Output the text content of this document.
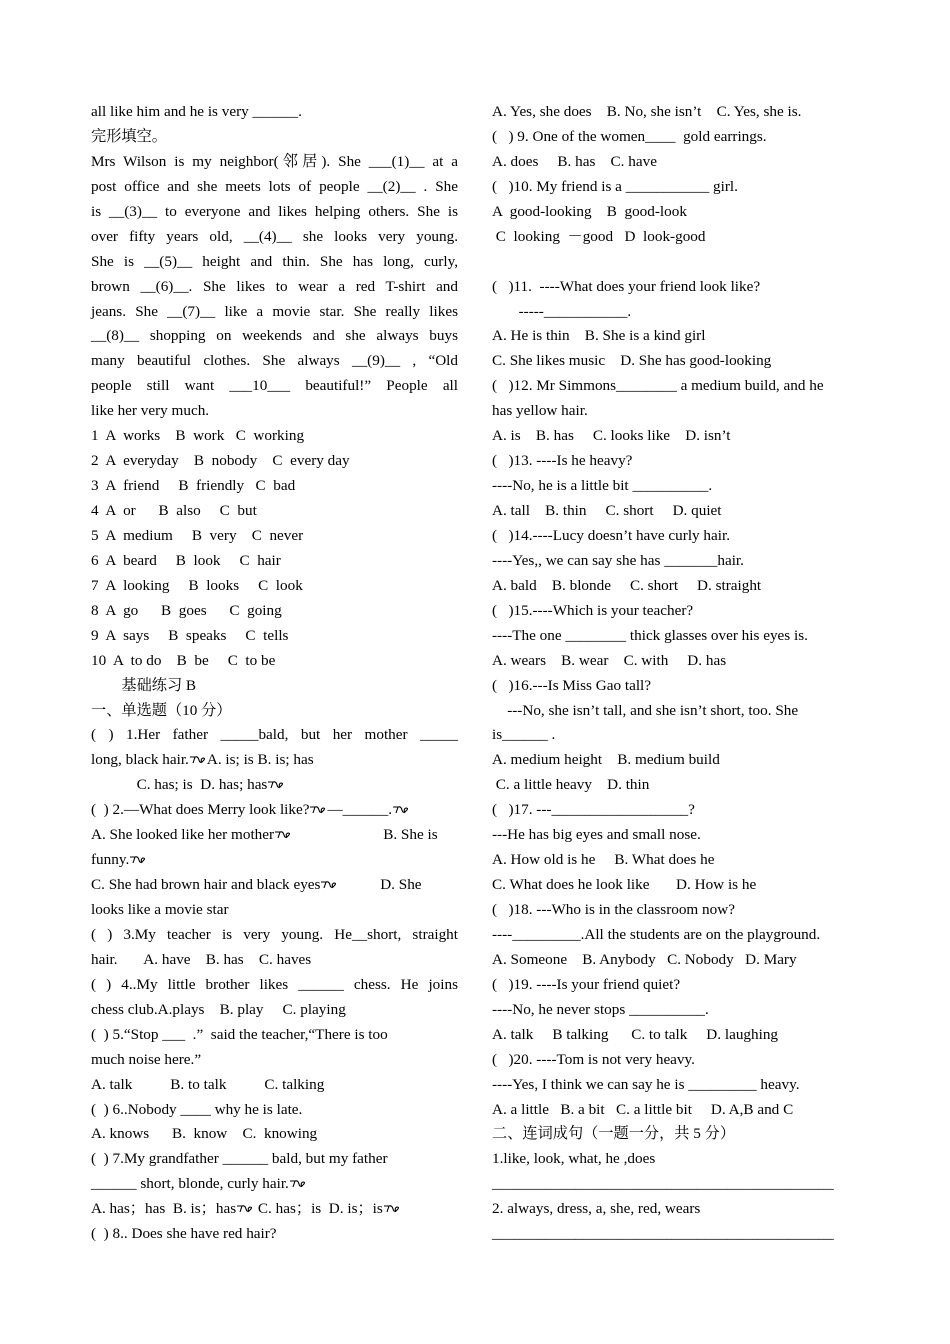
all like him and he is very ______.
完形填空。
Mrs Wilson is my neighbor(邻居). She ___(1)__ at a
post office and she meets lots of people __(2)__ . She
is __(3)__ to everyone and likes helping others. She is
over fifty years old, __(4)__ she looks very young.
She is __(5)__ height and thin. She has long, curly,
brown __(6)__. She likes to wear a red T-shirt and
jeans. She __(7)__ like a movie star. She really likes
__(8)__ shopping on weekends and she always buys
many beautiful clothes. She always __(9)__ , “Old
people still want ___10___ beautiful!” People all
like her very much.
1  A  works    B  work   C  working
2  A  everyday    B  nobody    C  every day
3  A  friend     B  friendly   C  bad
4  A  or      B  also     C  but
5  A  medium     B  very    C  never
6  A  beard     B  look     C  hair
7  A  looking     B  looks     C  look
8  A  go      B  goes      C  going
9  A  says     B  speaks     C  tells
10  A  to do    B  be     C  to be
基础练习 B
一、单选题（10 分）
( ) 1.Her father _____bald, but her mother _____
long, black hair. A. is; is B. is; has
C. has; is  D. has; has
(  ) 2.—What does Merry look like? —______.
A. She looked like her mother
B. She is
funny.
C. She had brown hair and black eyes
D. She
looks like a movie star
( ) 3.My teacher is very young. He__short, straight
hair.       A. have    B. has    C. haves
( ) 4..My little brother likes ______ chess. He joins
chess club.A.plays    B. play     C. playing
(  ) 5.“Stop ___  .”  said the teacher,“There is too
much noise here.”
A. talk          B. to talk          C. talking
(  ) 6..Nobody ____ why he is late.
A. knows      B.  know    C.  knowing
(  ) 7.My grandfather ______ bald, but my father
______ short, blonde, curly hair.
A. has；has  B. is；has
C. has；is  D. is；is
(  ) 8.. Does she have red hair?
A. Yes, she does    B. No, she isn’t    C. Yes, she is.
(   ) 9. One of the women____  gold earrings.
A. does     B. has    C. have
(   )10. My friend is a ___________ girl.
A  good-looking    B  good-look
C  looking  －good   D  look-good
(   )11.  ----What does your friend look like?
-----___________.
A. He is thin    B. She is a kind girl
C. She likes music    D. She has good-looking
(   )12. Mr Simmons________ a medium build, and he
has yellow hair.
A. is    B. has     C. looks like    D. isn’t
(   )13. ----Is he heavy?
----No, he is a little bit __________.
A. tall    B. thin     C. short     D. quiet
(   )14.----Lucy doesn’t have curly hair.
----Yes,, we can say she has _______hair.
A. bald    B. blonde     C. short     D. straight
(   )15.----Which is your teacher?
----The one ________ thick glasses over his eyes is.
A. wears    B. wear    C. with     D. has
(   )16.---Is Miss Gao tall?
---No, she isn’t tall, and she isn’t short, too. She
is______ .
A. medium height    B. medium build
C. a little heavy    D. thin
(   )17. ---__________________?
---He has big eyes and small nose.
A. How old is he     B. What does he
C. What does he look like       D. How is he
(   )18. ---Who is in the classroom now?
----_________.All the students are on the playground.
A. Someone    B. Anybody   C. Nobody   D. Mary
(   )19. ----Is your friend quiet?
----No, he never stops __________.
A. talk     B talking      C. to talk     D. laughing
(   )20. ----Tom is not very heavy.
----Yes, I think we can say he is _________ heavy.
A. a little   B. a bit   C. a little bit     D. A,B and C
二、连词成句（一题一分，共 5 分）
1.like, look, what, he ,does
_____________________________________________
2. always, dress, a, she, red, wears
_____________________________________________
